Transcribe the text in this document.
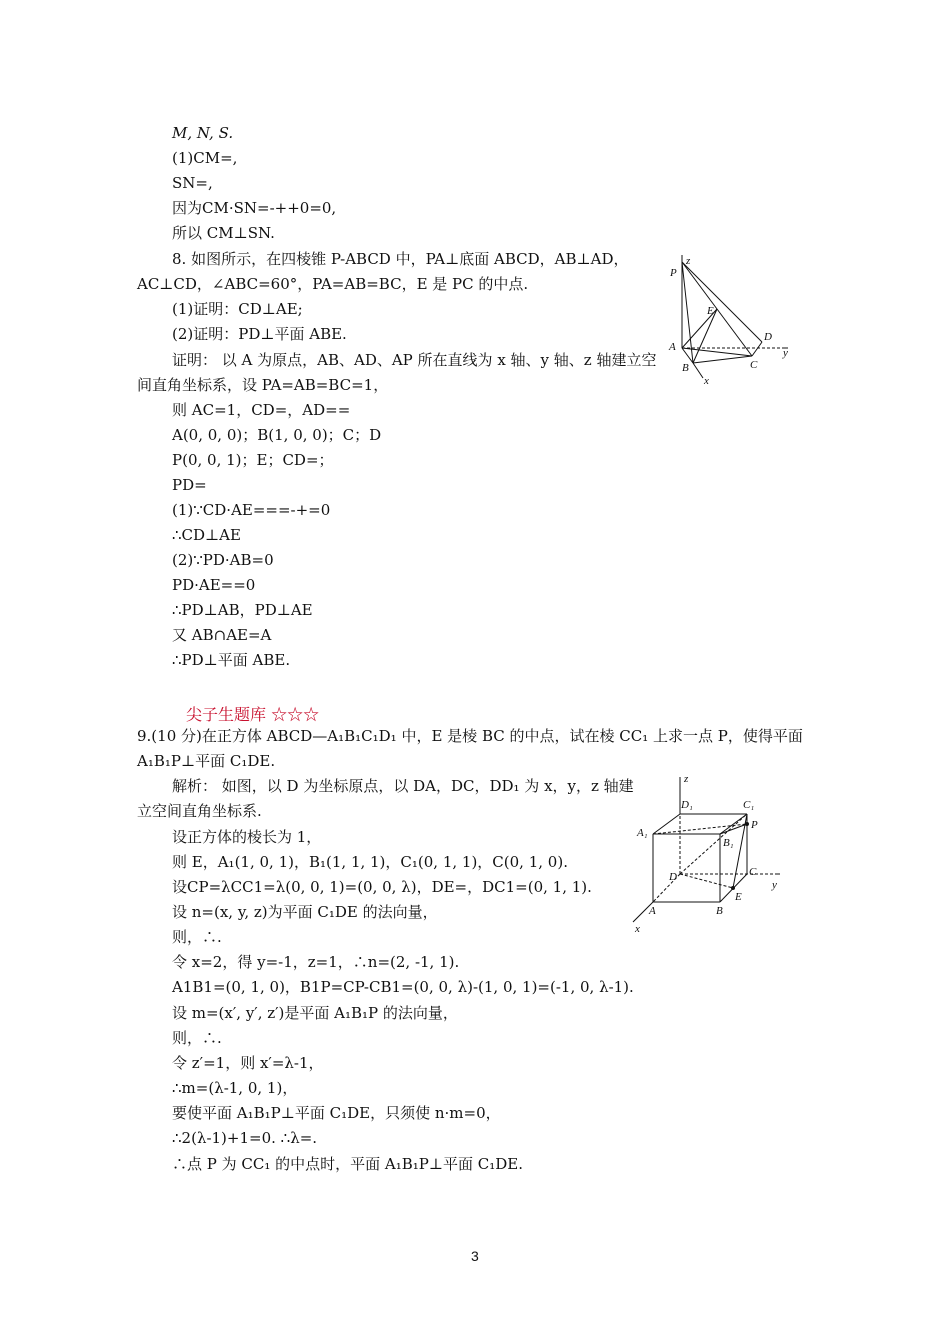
M, N, S.
(1)CM=,
SN=,
因为CM·SN=-++0=0,
所以 CM⊥SN.
8. 如图所示，在四棱锥 P-ABCD 中，PA⊥底面 ABCD，AB⊥AD，
AC⊥CD，∠ABC=60°，PA=AB=BC，E 是 PC 的中点.
(1)证明：CD⊥AE;
(2)证明：PD⊥平面 ABE.
证明： 以 A 为原点，AB、AD、AP 所在直线为 x 轴、y 轴、z 轴建立空
间直角坐标系，设 PA=AB=BC=1，
则 AC=1，CD=，AD==
A(0, 0, 0)；B(1, 0, 0)；C；D
P(0, 0, 1)；E；CD=；
PD=
(1)∵CD·AE===-+=0
∴CD⊥AE
(2)∵PD·AB=0
PD·AE==0
∴PD⊥AB，PD⊥AE
又 AB∩AE=A
∴PD⊥平面 ABE.
z
P
E
D
y
A
C
B
x
尖子生题库 ☆☆☆
9.(10 分)在正方体 ABCD—A₁B₁C₁D₁ 中，E 是棱 BC 的中点，试在棱 CC₁ 上求一点 P，使得平面
A₁B₁P⊥平面 C₁DE.
解析： 如图，以 D 为坐标原点，以 DA，DC，DD₁ 为 x，y，z 轴建
立空间直角坐标系.
设正方体的棱长为 1，
则 E，A₁(1, 0, 1)，B₁(1, 1, 1)，C₁(0, 1, 1)，C(0, 1, 0).
设CP=λCC1=λ(0, 0, 1)=(0, 0, λ)，DE=，DC1=(0, 1, 1).
设 n=(x, y, z)为平面 C₁DE 的法向量，
则，∴.
令 x=2，得 y=-1，z=1，∴n=(2, -1, 1).
A1B1=(0, 1, 0)，B1P=CP-CB1=(0, 0, λ)-(1, 0, 1)=(-1, 0, λ-1).
设 m=(x′, y′, z′)是平面 A₁B₁P 的法向量，
则，∴.
令 z′=1，则 x′=λ-1，
∴m=(λ-1, 0, 1)，
要使平面 A₁B₁P⊥平面 C₁DE，只须使 n·m=0，
∴2(λ-1)+1=0. ∴λ=.
∴点 P 为 CC₁ 的中点时，平面 A₁B₁P⊥平面 C₁DE.
z
D₁	C₁
A₁
B₁
P
C
D
y
E
A	B
x
3
